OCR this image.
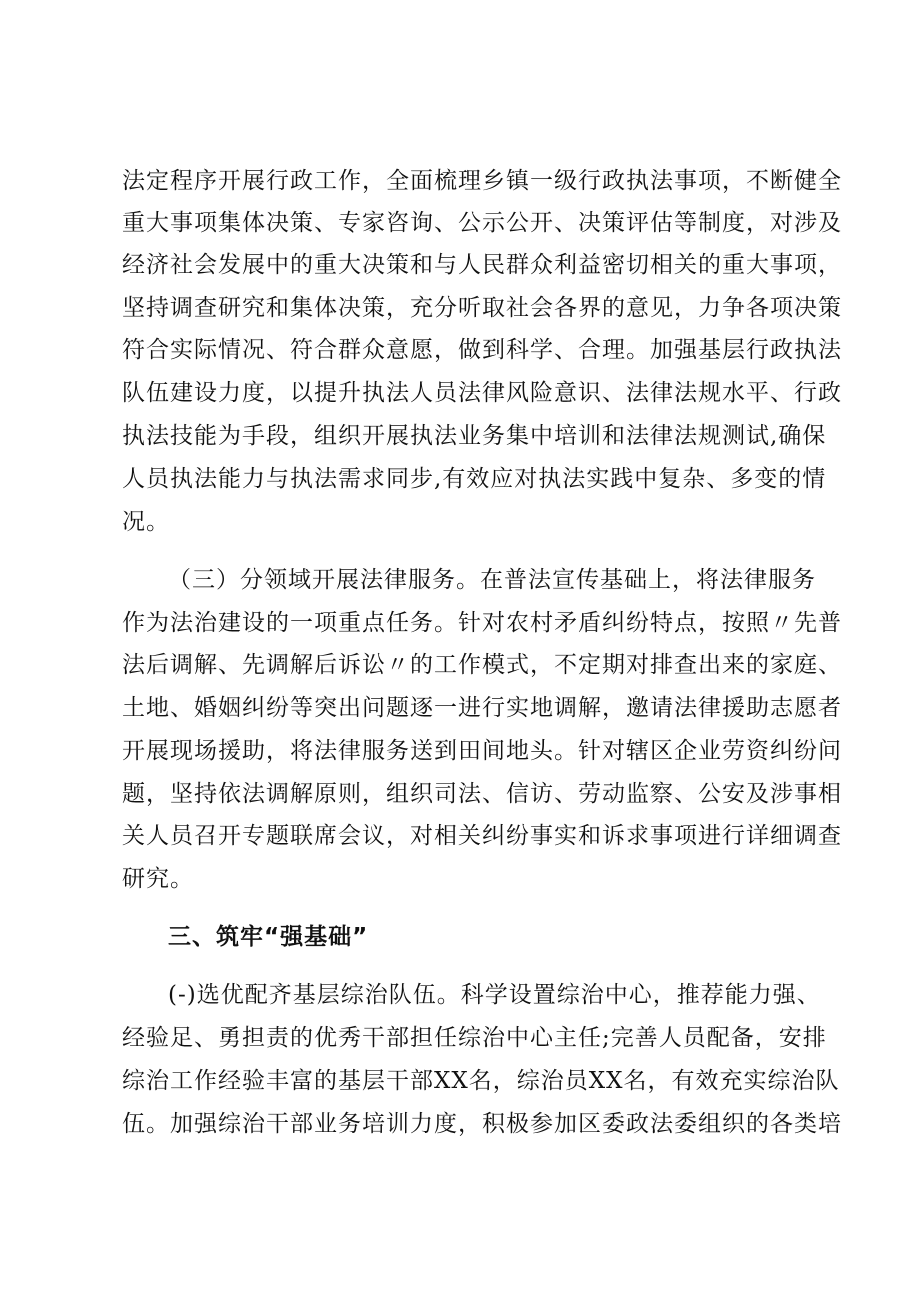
法定程序开展行政工作，全面梳理乡镇一级行政执法事项，不断健全
重大事项集体决策、专家咨询、公示公开、决策评估等制度，对涉及
经济社会发展中的重大决策和与人民群众利益密切相关的重大事项，
坚持调查研究和集体决策，充分听取社会各界的意见，力争各项决策
符合实际情况、符合群众意愿，做到科学、合理。加强基层行政执法
队伍建设力度，以提升执法人员法律风险意识、法律法规水平、行政
执法技能为手段，组织开展执法业务集中培训和法律法规测试,确保
人员执法能力与执法需求同步,有效应对执法实践中复杂、多变的情
况。
（三）分领域开展法律服务。在普法宣传基础上，将法律服务
作为法治建设的一项重点任务。针对农村矛盾纠纷特点，按照〃先普
法后调解、先调解后诉讼〃的工作模式，不定期对排查出来的家庭、
土地、婚姻纠纷等突出问题逐一进行实地调解，邀请法律援助志愿者
开展现场援助，将法律服务送到田间地头。针对辖区企业劳资纠纷问
题，坚持依法调解原则，组织司法、信访、劳动监察、公安及涉事相
关人员召开专题联席会议，对相关纠纷事实和诉求事项进行详细调查
研究。
三、筑牢“强基础”
(-)选优配齐基层综治队伍。科学设置综治中心，推荐能力强、
经验足、勇担责的优秀干部担任综治中心主任;完善人员配备，安排
综治工作经验丰富的基层干部XX名，综治员XX名，有效充实综治队
伍。加强综治干部业务培训力度，积极参加区委政法委组织的各类培
